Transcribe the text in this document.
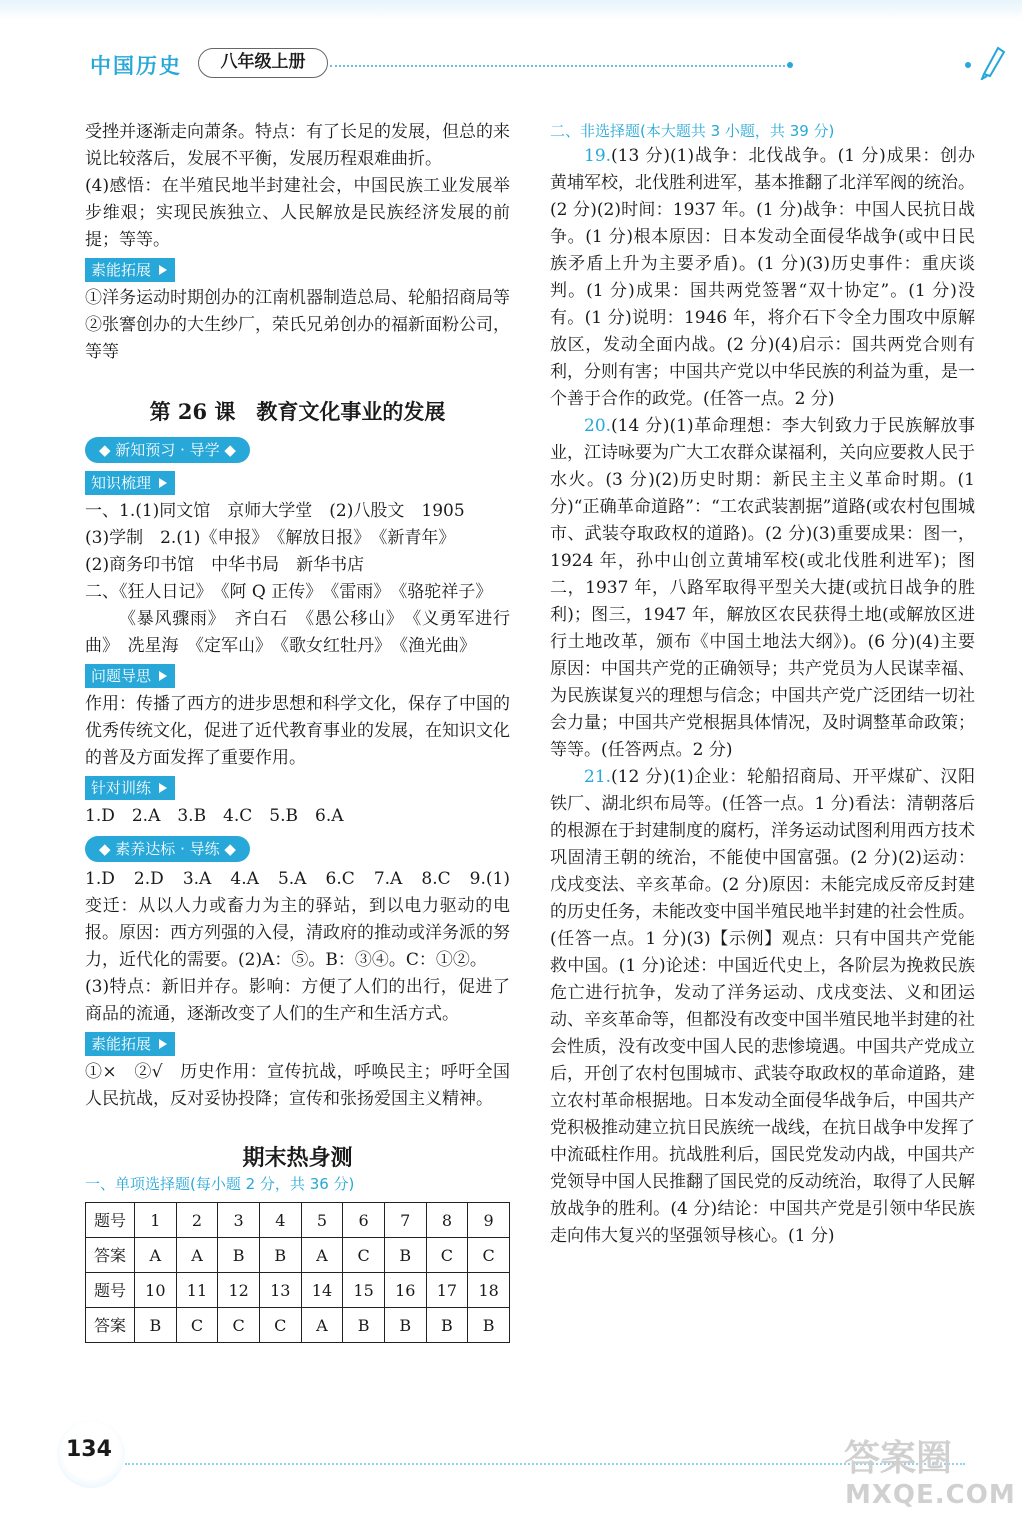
中国历史	八年级上册

受挫并逐渐走向萧条。特点：有了长足的发展，但总的来说比较落后，发展不平衡，发展历程艰难曲折。

(4)感悟：在半殖民地半封建社会，中国民族工业发展举步维艰；实现民族独立、人民解放是民族经济发展的前提；等等。

素能拓展

①洋务运动时期创办的江南机器制造总局、轮船招商局等 ②张謇创办的大生纱厂，荣氏兄弟创办的福新面粉公司，等等

第 26 课　教育文化事业的发展
◆ 新知预习 · 导学 ◆
知识梳理

一、1.(1)同文馆　京师大学堂　(2)八股文　1905

(3)学制　2.(1)《申报》　《解放日报》　《新青年》

(2)商务印书馆　中华书局　新华书店

二、《狂人日记》　《阿 Q 正传》　《雷雨》　《骆驼祥子》

《暴风骤雨》　齐白石　《愚公移山》　《义勇军进行曲》　冼星海　《定军山》　《歌女红牡丹》　《渔光曲》

问题导思

作用：传播了西方的进步思想和科学文化，保存了中国的优秀传统文化，促进了近代教育事业的发展，在知识文化的普及方面发挥了重要作用。

针对训练

1.D　2.A　3.B　4.C　5.B　6.A

◆ 素养达标 · 导练 ◆

1.D　2.D　3.A　4.A　5.A　6.C　7.A　8.C　9.(1)变迁：从以人力或畜力为主的驿站，到以电力驱动的电报。原因：西方列强的入侵，清政府的推动或洋务派的努力，近代化的需要。(2)A：⑤。B：③④。C：①②。

(3)特点：新旧并存。影响：方便了人们的出行，促进了商品的流通，逐渐改变了人们的生产和生活方式。

素能拓展

①×　②√　历史作用：宣传抗战，呼唤民主；呼吁全国人民抗战，反对妥协投降；宣传和张扬爱国主义精神。

期末热身测
一、单项选择题(每小题 2 分，共 36 分)
题号	1	2	3	4	5	6	7	8	9
答案	A	A	B	B	A	C	B	C	C
题号	10	11	12	13	14	15	16	17	18
答案	B	C	C	C	A	B	B	B	B
二、非选择题(本大题共 3 小题，共 39 分)

19.(13 分)(1)战争：北伐战争。(1 分)成果：创办黄埔军校，北伐胜利进军，基本推翻了北洋军阀的统治。(2 分)(2)时间：1937 年。(1 分)战争：中国人民抗日战争。(1 分)根本原因：日本发动全面侵华战争(或中日民族矛盾上升为主要矛盾)。(1 分)(3)历史事件：重庆谈判。(1 分)成果：国共两党签署“双十协定”。(1 分)没有。(1 分)说明：1946 年，将介石下令全力围攻中原解放区，发动全面内战。(2 分)(4)启示：国共两党合则有利，分则有害；中国共产党以中华民族的利益为重，是一个善于合作的政党。(任答一点。2 分)

20.(14 分)(1)革命理想：李大钊致力于民族解放事业，江诗咏要为广大工农群众谋福利，关向应要救人民于水火。(3 分)(2)历史时期：新民主主义革命时期。(1 分)“正确革命道路”：“工农武装割据”道路(或农村包围城市、武装夺取政权的道路)。(2 分)(3)重要成果：图一，1924 年，孙中山创立黄埔军校(或北伐胜利进军)；图二，1937 年，八路军取得平型关大捷(或抗日战争的胜利)；图三，1947 年，解放区农民获得土地(或解放区进行土地改革，颁布《中国土地法大纲》)。(6 分)(4)主要原因：中国共产党的正确领导；共产党员为人民谋幸福、为民族谋复兴的理想与信念；中国共产党广泛团结一切社会力量；中国共产党根据具体情况，及时调整革命政策；等等。(任答两点。2 分)

21.(12 分)(1)企业：轮船招商局、开平煤矿、汉阳铁厂、湖北织布局等。(任答一点。1 分)看法：清朝落后的根源在于封建制度的腐朽，洋务运动试图利用西方技术巩固清王朝的统治，不能使中国富强。(2 分)(2)运动：戊戌变法、辛亥革命。(2 分)原因：未能完成反帝反封建的历史任务，未能改变中国半殖民地半封建的社会性质。(任答一点。1 分)(3)【示例】观点：只有中国共产党能救中国。(1 分)论述：中国近代史上，各阶层为挽救民族危亡进行抗争，发动了洋务运动、戊戌变法、义和团运动、辛亥革命等，但都没有改变中国半殖民地半封建的社会性质，没有改变中国人民的悲惨境遇。中国共产党成立后，开创了农村包围城市、武装夺取政权的革命道路，建立农村革命根据地。日本发动全面侵华战争后，中国共产党积极推动建立抗日民族统一战线，在抗日战争中发挥了中流砥柱作用。抗战胜利后，国民党发动内战，中国共产党领导中国人民推翻了国民党的反动统治，取得了人民解放战争的胜利。(4 分)结论：中国共产党是引领中华民族走向伟大复兴的坚强领导核心。(1 分)

134	答案圈
MXQE.COM
